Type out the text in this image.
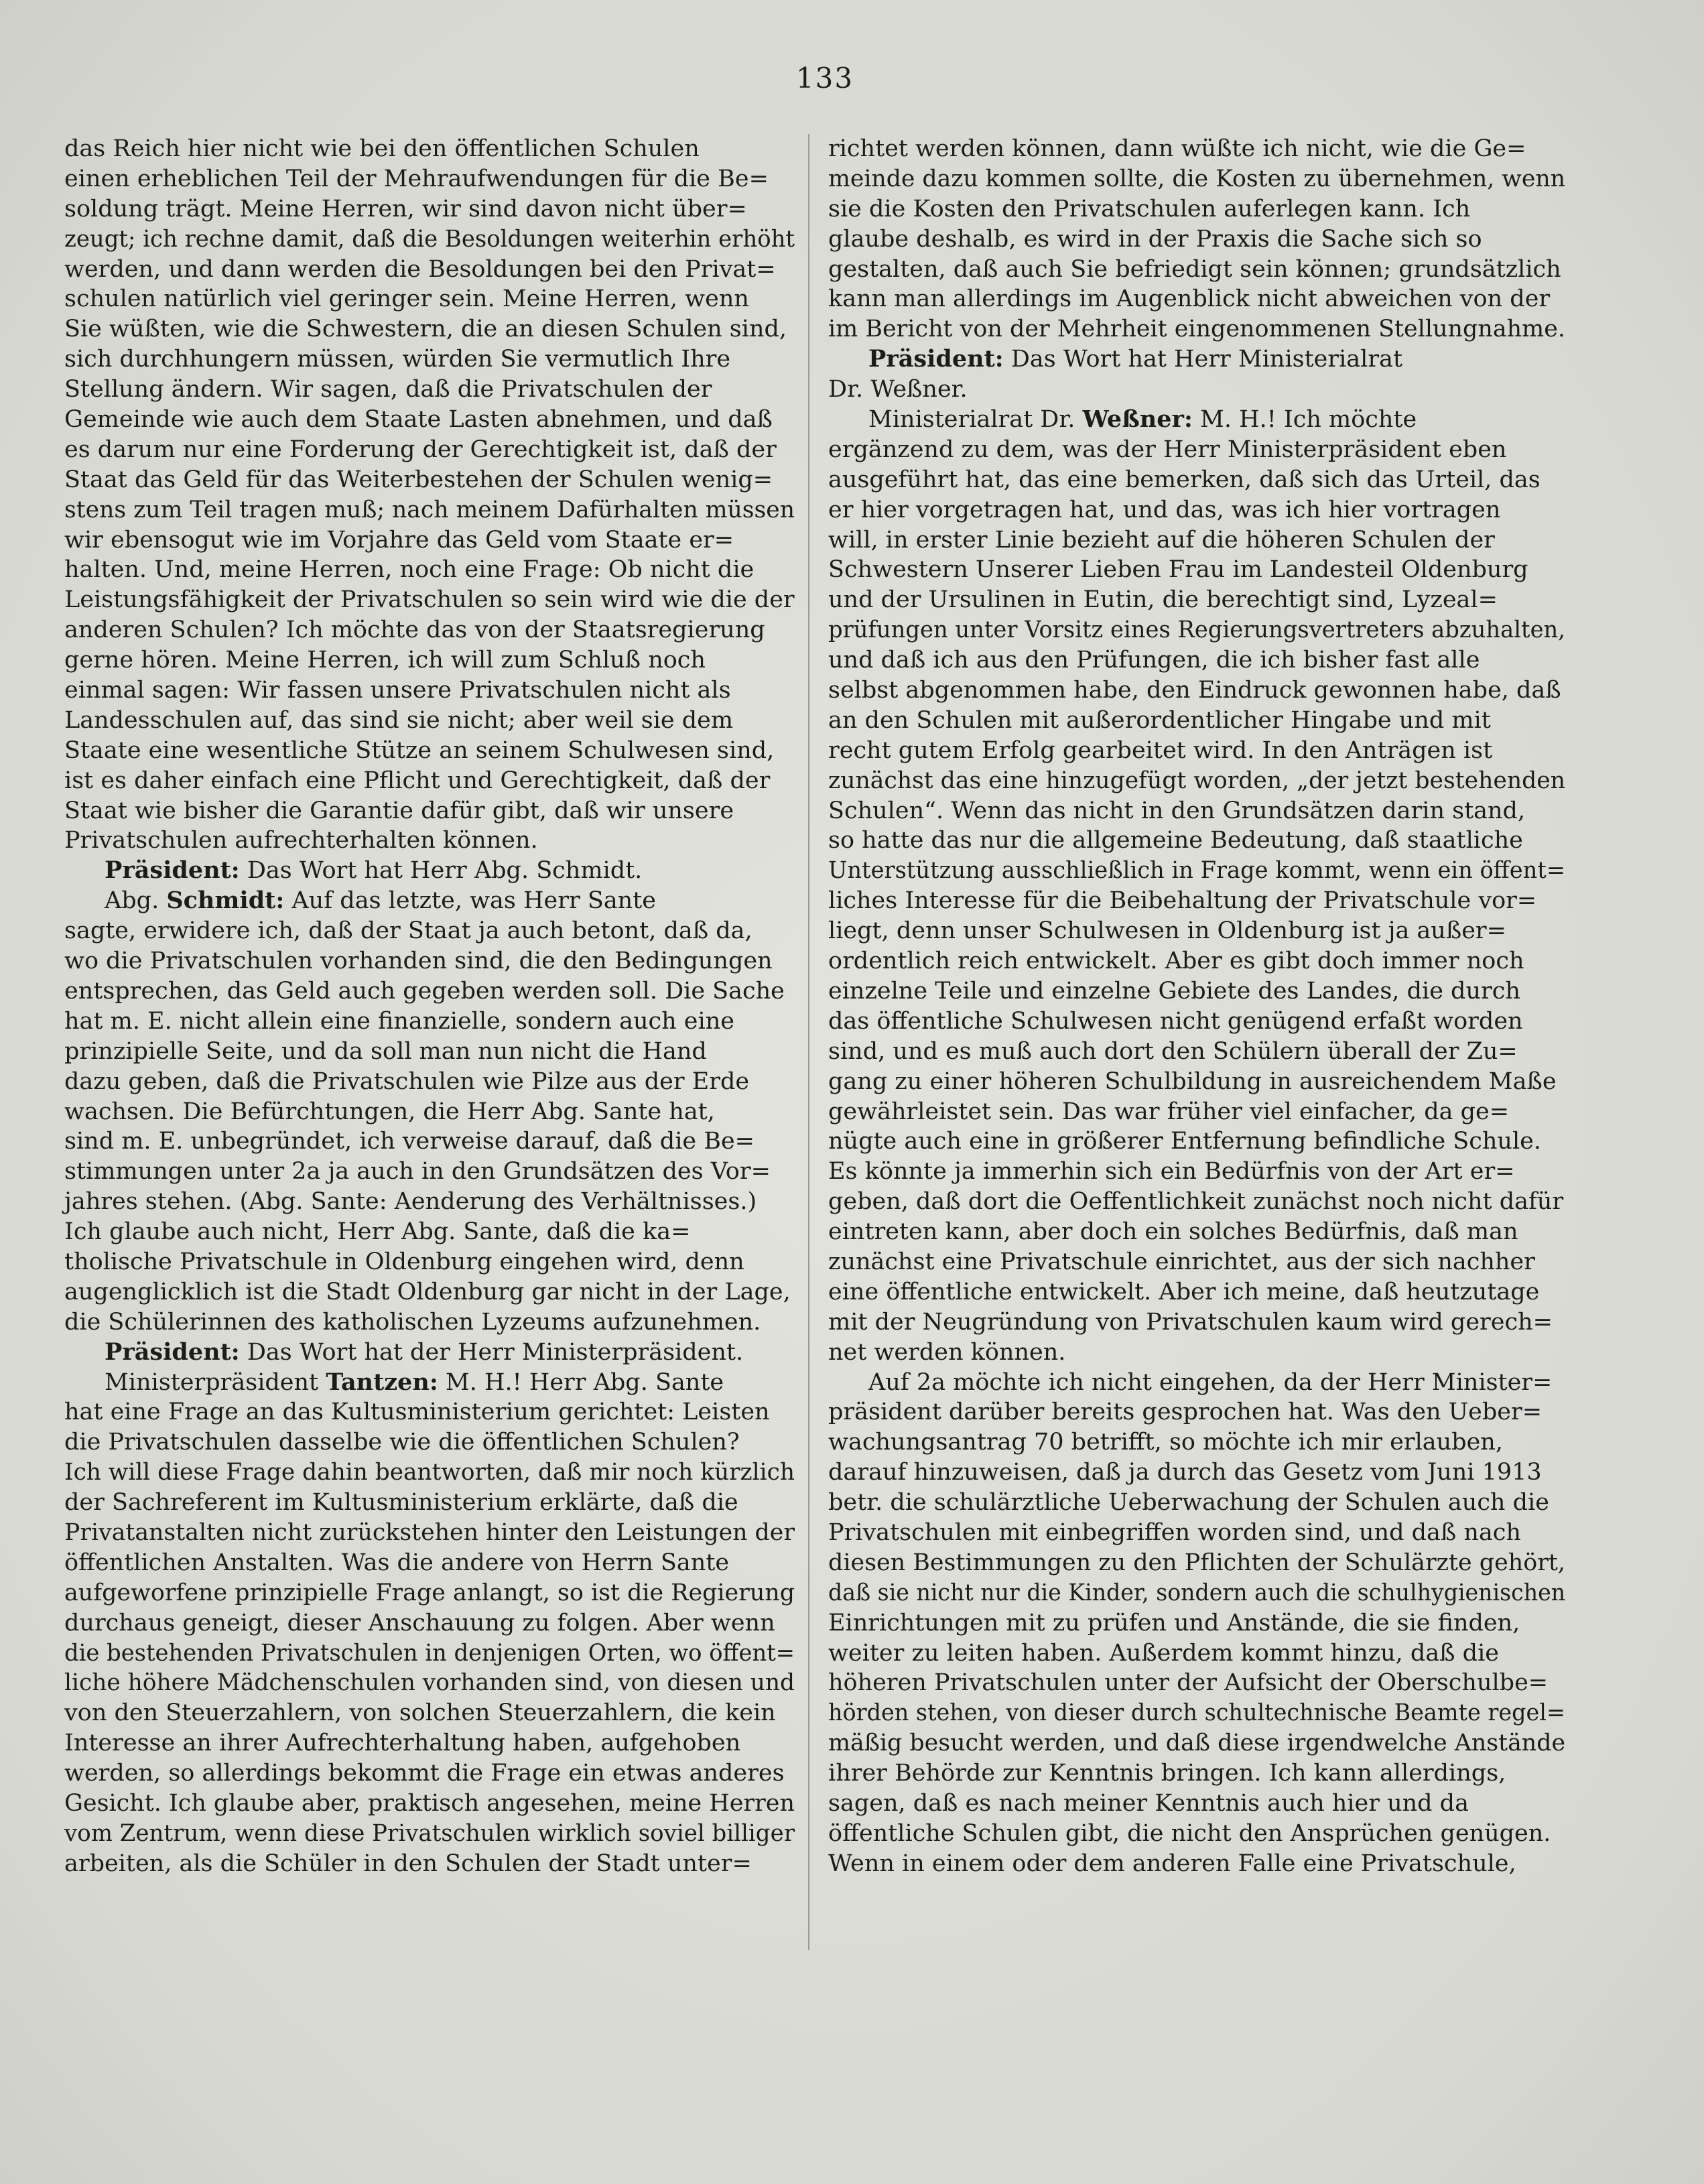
133
das Reich hier nicht wie bei den öffentlichen Schulen
einen erheblichen Teil der Mehraufwendungen für die Be=
soldung trägt. Meine Herren, wir sind davon nicht über=
zeugt; ich rechne damit, daß die Besoldungen weiterhin erhöht
werden, und dann werden die Besoldungen bei den Privat=
schulen natürlich viel geringer sein. Meine Herren, wenn
Sie wüßten, wie die Schwestern, die an diesen Schulen sind,
sich durchhungern müssen, würden Sie vermutlich Ihre
Stellung ändern. Wir sagen, daß die Privatschulen der
Gemeinde wie auch dem Staate Lasten abnehmen, und daß
es darum nur eine Forderung der Gerechtigkeit ist, daß der
Staat das Geld für das Weiterbestehen der Schulen wenig=
stens zum Teil tragen muß; nach meinem Dafürhalten müssen
wir ebensogut wie im Vorjahre das Geld vom Staate er=
halten. Und, meine Herren, noch eine Frage: Ob nicht die
Leistungsfähigkeit der Privatschulen so sein wird wie die der
anderen Schulen? Ich möchte das von der Staatsregierung
gerne hören. Meine Herren, ich will zum Schluß noch
einmal sagen: Wir fassen unsere Privatschulen nicht als
Landesschulen auf, das sind sie nicht; aber weil sie dem
Staate eine wesentliche Stütze an seinem Schulwesen sind,
ist es daher einfach eine Pflicht und Gerechtigkeit, daß der
Staat wie bisher die Garantie dafür gibt, daß wir unsere
Privatschulen aufrechterhalten können.
Präsident: Das Wort hat Herr Abg. Schmidt.
Abg. Schmidt: Auf das letzte, was Herr Sante
sagte, erwidere ich, daß der Staat ja auch betont, daß da,
wo die Privatschulen vorhanden sind, die den Bedingungen
entsprechen, das Geld auch gegeben werden soll. Die Sache
hat m. E. nicht allein eine finanzielle, sondern auch eine
prinzipielle Seite, und da soll man nun nicht die Hand
dazu geben, daß die Privatschulen wie Pilze aus der Erde
wachsen. Die Befürchtungen, die Herr Abg. Sante hat,
sind m. E. unbegründet, ich verweise darauf, daß die Be=
stimmungen unter 2a ja auch in den Grundsätzen des Vor=
jahres stehen. (Abg. Sante: Aenderung des Verhältnisses.)
Ich glaube auch nicht, Herr Abg. Sante, daß die ka=
tholische Privatschule in Oldenburg eingehen wird, denn
augenglicklich ist die Stadt Oldenburg gar nicht in der Lage,
die Schülerinnen des katholischen Lyzeums aufzunehmen.
Präsident: Das Wort hat der Herr Ministerpräsident.
Ministerpräsident Tantzen: M. H.! Herr Abg. Sante
hat eine Frage an das Kultusministerium gerichtet: Leisten
die Privatschulen dasselbe wie die öffentlichen Schulen?
Ich will diese Frage dahin beantworten, daß mir noch kürzlich
der Sachreferent im Kultusministerium erklärte, daß die
Privatanstalten nicht zurückstehen hinter den Leistungen der
öffentlichen Anstalten. Was die andere von Herrn Sante
aufgeworfene prinzipielle Frage anlangt, so ist die Regierung
durchaus geneigt, dieser Anschauung zu folgen. Aber wenn
die bestehenden Privatschulen in denjenigen Orten, wo öffent=
liche höhere Mädchenschulen vorhanden sind, von diesen und
von den Steuerzahlern, von solchen Steuerzahlern, die kein
Interesse an ihrer Aufrechterhaltung haben, aufgehoben
werden, so allerdings bekommt die Frage ein etwas anderes
Gesicht. Ich glaube aber, praktisch angesehen, meine Herren
vom Zentrum, wenn diese Privatschulen wirklich soviel billiger
arbeiten, als die Schüler in den Schulen der Stadt unter=
richtet werden können, dann wüßte ich nicht, wie die Ge=
meinde dazu kommen sollte, die Kosten zu übernehmen, wenn
sie die Kosten den Privatschulen auferlegen kann. Ich
glaube deshalb, es wird in der Praxis die Sache sich so
gestalten, daß auch Sie befriedigt sein können; grundsätzlich
kann man allerdings im Augenblick nicht abweichen von der
im Bericht von der Mehrheit eingenommenen Stellungnahme.
Präsident: Das Wort hat Herr Ministerialrat
Dr. Weßner.
Ministerialrat Dr. Weßner: M. H.! Ich möchte
ergänzend zu dem, was der Herr Ministerpräsident eben
ausgeführt hat, das eine bemerken, daß sich das Urteil, das
er hier vorgetragen hat, und das, was ich hier vortragen
will, in erster Linie bezieht auf die höheren Schulen der
Schwestern Unserer Lieben Frau im Landesteil Oldenburg
und der Ursulinen in Eutin, die berechtigt sind, Lyzeal=
prüfungen unter Vorsitz eines Regierungsvertreters abzuhalten,
und daß ich aus den Prüfungen, die ich bisher fast alle
selbst abgenommen habe, den Eindruck gewonnen habe, daß
an den Schulen mit außerordentlicher Hingabe und mit
recht gutem Erfolg gearbeitet wird. In den Anträgen ist
zunächst das eine hinzugefügt worden, „der jetzt bestehenden
Schulen“. Wenn das nicht in den Grundsätzen darin stand,
so hatte das nur die allgemeine Bedeutung, daß staatliche
Unterstützung ausschließlich in Frage kommt, wenn ein öffent=
liches Interesse für die Beibehaltung der Privatschule vor=
liegt, denn unser Schulwesen in Oldenburg ist ja außer=
ordentlich reich entwickelt. Aber es gibt doch immer noch
einzelne Teile und einzelne Gebiete des Landes, die durch
das öffentliche Schulwesen nicht genügend erfaßt worden
sind, und es muß auch dort den Schülern überall der Zu=
gang zu einer höheren Schulbildung in ausreichendem Maße
gewährleistet sein. Das war früher viel einfacher, da ge=
nügte auch eine in größerer Entfernung befindliche Schule.
Es könnte ja immerhin sich ein Bedürfnis von der Art er=
geben, daß dort die Oeffentlichkeit zunächst noch nicht dafür
eintreten kann, aber doch ein solches Bedürfnis, daß man
zunächst eine Privatschule einrichtet, aus der sich nachher
eine öffentliche entwickelt. Aber ich meine, daß heutzutage
mit der Neugründung von Privatschulen kaum wird gerech=
net werden können.
Auf 2a möchte ich nicht eingehen, da der Herr Minister=
präsident darüber bereits gesprochen hat. Was den Ueber=
wachungsantrag 70 betrifft, so möchte ich mir erlauben,
darauf hinzuweisen, daß ja durch das Gesetz vom Juni 1913
betr. die schulärztliche Ueberwachung der Schulen auch die
Privatschulen mit einbegriffen worden sind, und daß nach
diesen Bestimmungen zu den Pflichten der Schulärzte gehört,
daß sie nicht nur die Kinder, sondern auch die schulhygienischen
Einrichtungen mit zu prüfen und Anstände, die sie finden,
weiter zu leiten haben. Außerdem kommt hinzu, daß die
höheren Privatschulen unter der Aufsicht der Oberschulbe=
hörden stehen, von dieser durch schultechnische Beamte regel=
mäßig besucht werden, und daß diese irgendwelche Anstände
ihrer Behörde zur Kenntnis bringen. Ich kann allerdings,
sagen, daß es nach meiner Kenntnis auch hier und da
öffentliche Schulen gibt, die nicht den Ansprüchen genügen.
Wenn in einem oder dem anderen Falle eine Privatschule,
